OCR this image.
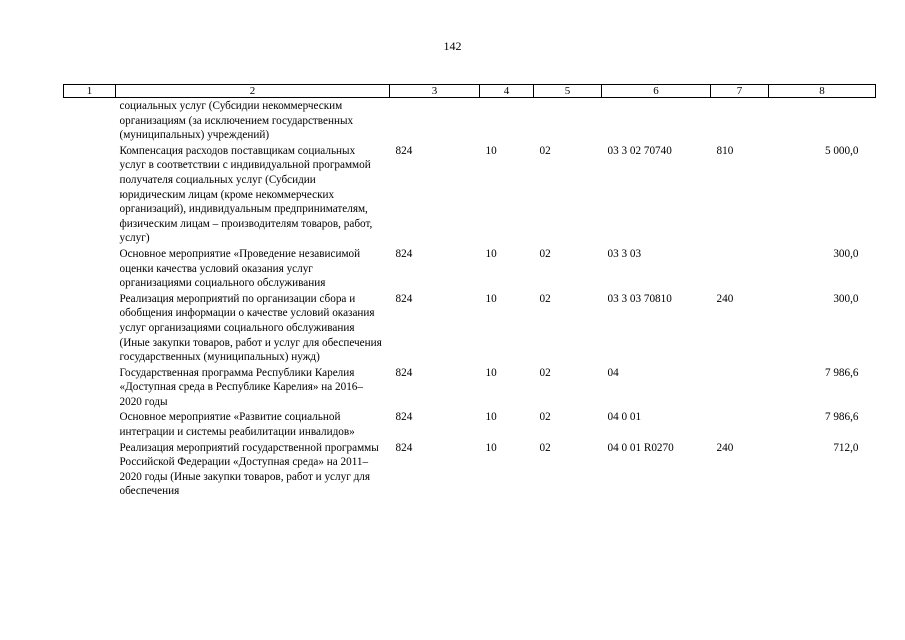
142
1	2	3	4	5	6	7	8

социальных услуг (Субсидии некоммерческим организациям (за исключением государственных (муниципальных) учреждений)							

Компенсация расходов поставщикам социальных услуг в соответствии с индивидуальной программой получателя социальных услуг (Субсидии юридическим лицам (кроме некоммерческих организаций), индивидуальным предпринимателям, физическим лицам – производителям товаров, работ, услуг)		824	10	02	03 3 02 70740	810	5 000,0

Основное мероприятие «Проведение независимой оценки качества условий оказания услуг организациями социального обслуживания		824	10	02	03 3 03		300,0

Реализация мероприятий по организации сбора и обобщения информации о качестве условий оказания услуг организациями социального обслуживания (Иные закупки товаров, работ и услуг для обеспечения государственных (муниципальных) нужд)		824	10	02	03 3 03 70810	240	300,0

Государственная программа Республики Карелия «Доступная среда в Республике Карелия» на 2016–2020 годы		824	10	02	04		7 986,6

Основное мероприятие «Развитие социальной интеграции и системы реабилитации инвалидов»		824	10	02	04 0 01		7 986,6

Реализация мероприятий государственной программы Российской Федерации «Доступная среда» на 2011–2020 годы (Иные закупки товаров, работ и услуг для обеспечения		824	10	02	04 0 01 R0270	240	712,0
